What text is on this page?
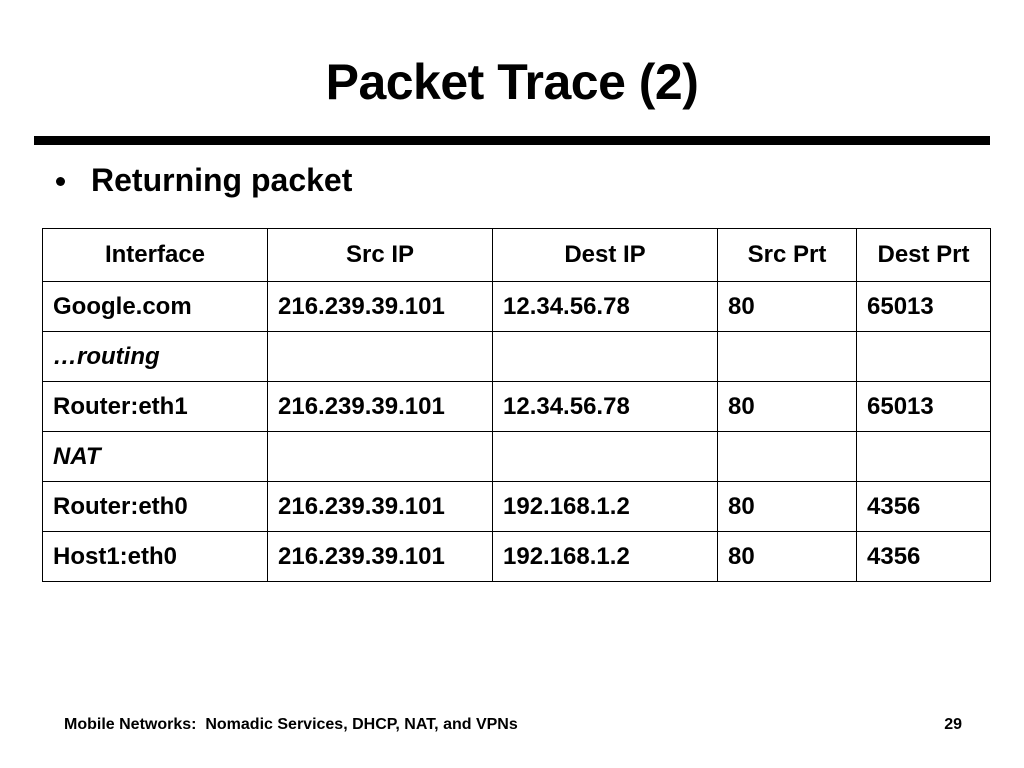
Packet Trace (2)
Returning packet
Interface	Src IP	Dest IP	Src Prt	Dest Prt
Google.com	216.239.39.101	12.34.56.78	80	65013
…routing				
Router:eth1	216.239.39.101	12.34.56.78	80	65013
NAT				
Router:eth0	216.239.39.101	192.168.1.2	80	4356
Host1:eth0	216.239.39.101	192.168.1.2	80	4356
Mobile Networks:  Nomadic Services, DHCP, NAT, and VPNs	29
